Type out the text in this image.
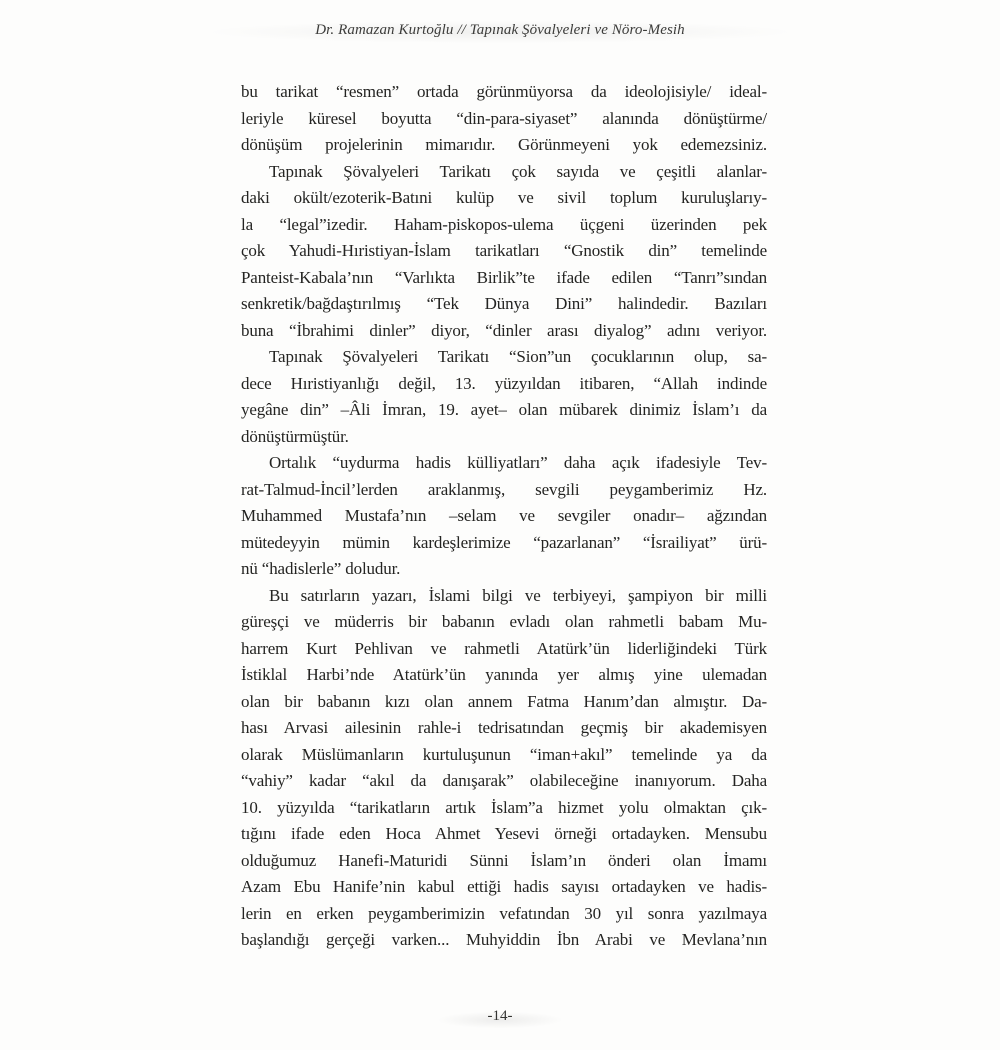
Dr. Ramazan Kurtoğlu // Tapınak Şövalyeleri ve Nöro-Mesih

bu tarikat “resmen” ortada görünmüyorsa da ideolojisiyle/ ideal-
leriyle küresel boyutta “din-para-siyaset” alanında dönüştürme/
dönüşüm projelerinin mimarıdır. Görünmeyeni yok edemezsiniz.

Tapınak Şövalyeleri Tarikatı çok sayıda ve çeşitli alanlar-
daki okült/ezoterik-Batıni kulüp ve sivil toplum kuruluşlarıy-
la “legal”izedir. Haham-piskopos-ulema üçgeni üzerinden pek
çok Yahudi-Hıristiyan-İslam tarikatları “Gnostik din” temelinde
Panteist-Kabala’nın “Varlıkta Birlik”te ifade edilen “Tanrı”sından
senkretik/bağdaştırılmış “Tek Dünya Dini” halindedir. Bazıları
buna “İbrahimi dinler” diyor, “dinler arası diyalog” adını veriyor.

Tapınak Şövalyeleri Tarikatı “Sion”un çocuklarının olup, sa-
dece Hıristiyanlığı değil, 13. yüzyıldan itibaren, “Allah indinde
yegâne din” –Âli İmran, 19. ayet– olan mübarek dinimiz İslam’ı da
dönüştürmüştür.

Ortalık “uydurma hadis külliyatları” daha açık ifadesiyle Tev-
rat-Talmud-İncil’lerden araklanmış, sevgili peygamberimiz Hz.
Muhammed Mustafa’nın –selam ve sevgiler onadır– ağzından
mütedeyyin mümin kardeşlerimize “pazarlanan” “İsrailiyat” ürü-
nü “hadislerle” doludur.

Bu satırların yazarı, İslami bilgi ve terbiyeyi, şampiyon bir milli
güreşçi ve müderris bir babanın evladı olan rahmetli babam Mu-
harrem Kurt Pehlivan ve rahmetli Atatürk’ün liderliğindeki Türk
İstiklal Harbi’nde Atatürk’ün yanında yer almış yine ulemadan
olan bir babanın kızı olan annem Fatma Hanım’dan almıştır. Da-
hası Arvasi ailesinin rahle-i tedrisatından geçmiş bir akademisyen
olarak Müslümanların kurtuluşunun “iman+akıl” temelinde ya da
“vahiy” kadar “akıl da danışarak” olabileceğine inanıyorum. Daha
10. yüzyılda “tarikatların artık İslam”a hizmet yolu olmaktan çık-
tığını ifade eden Hoca Ahmet Yesevi örneği ortadayken. Mensubu
olduğumuz Hanefi-Maturidi Sünni İslam’ın önderi olan İmamı
Azam Ebu Hanife’nin kabul ettiği hadis sayısı ortadayken ve hadis-
lerin en erken peygamberimizin vefatından 30 yıl sonra yazılmaya
başlandığı gerçeği varken... Muhyiddin İbn Arabi ve Mevlana’nın

-14-
